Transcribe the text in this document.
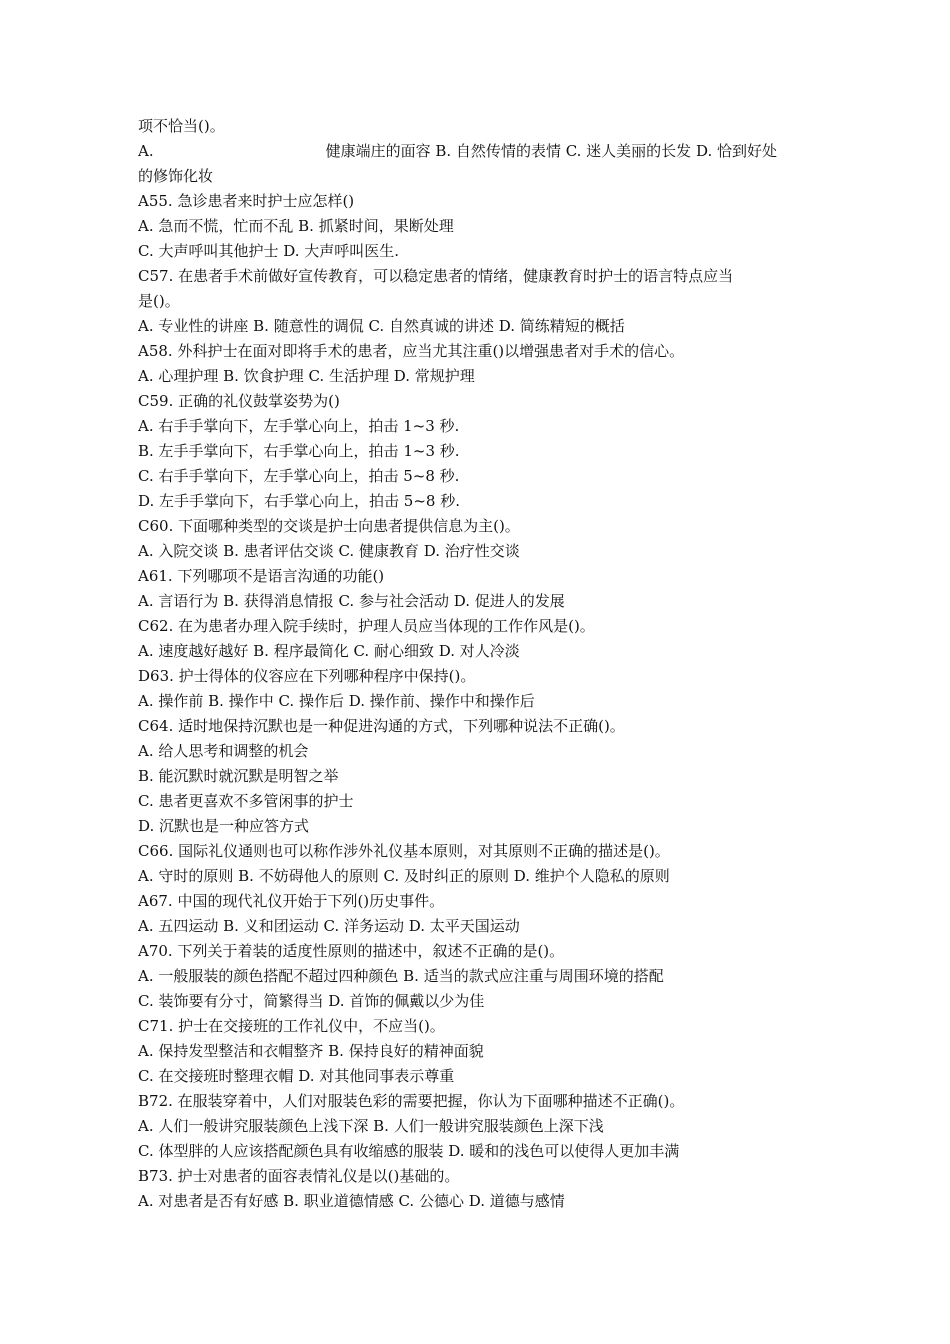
项不恰当()。
A.	健康端庄的面容 B. 自然传情的表情 C. 迷人美丽的长发 D. 恰到好处
的修饰化妆
A55. 急诊患者来时护士应怎样()
A. 急而不慌，忙而不乱 B. 抓紧时间，果断处理
C. 大声呼叫其他护士 D. 大声呼叫医生.
C57. 在患者手术前做好宣传教育，可以稳定患者的情绪，健康教育时护士的语言特点应当
是()。
A. 专业性的讲座 B. 随意性的调侃 C. 自然真诚的讲述 D. 简练精短的概括
A58. 外科护士在面对即将手术的患者，应当尤其注重()以增强患者对手术的信心。
A. 心理护理 B. 饮食护理 C. 生活护理 D. 常规护理
C59. 正确的礼仪鼓掌姿势为()
A. 右手手掌向下，左手掌心向上，拍击 1~3 秒.
B. 左手手掌向下，右手掌心向上，拍击 1~3 秒.
C. 右手手掌向下，左手掌心向上，拍击 5~8 秒.
D. 左手手掌向下，右手掌心向上，拍击 5~8 秒.
C60. 下面哪种类型的交谈是护士向患者提供信息为主()。
A. 入院交谈 B. 患者评估交谈 C. 健康教育 D. 治疗性交谈
A61. 下列哪项不是语言沟通的功能()
A. 言语行为 B. 获得消息情报 C. 参与社会活动 D. 促进人的发展
C62. 在为患者办理入院手续时，护理人员应当体现的工作作风是()。
A. 速度越好越好 B. 程序最简化 C. 耐心细致 D. 对人冷淡
D63. 护士得体的仪容应在下列哪种程序中保持()。
A. 操作前 B. 操作中 C. 操作后 D. 操作前、操作中和操作后
C64. 适时地保持沉默也是一种促进沟通的方式，下列哪种说法不正确()。
A. 给人思考和调整的机会
B. 能沉默时就沉默是明智之举
C. 患者更喜欢不多管闲事的护士
D. 沉默也是一种应答方式
C66. 国际礼仪通则也可以称作涉外礼仪基本原则，对其原则不正确的描述是()。
A. 守时的原则 B. 不妨碍他人的原则 C. 及时纠正的原则 D. 维护个人隐私的原则
A67. 中国的现代礼仪开始于下列()历史事件。
A. 五四运动 B. 义和团运动 C. 洋务运动 D. 太平天国运动
A70. 下列关于着装的适度性原则的描述中，叙述不正确的是()。
A. 一般服装的颜色搭配不超过四种颜色 B. 适当的款式应注重与周围环境的搭配
C. 装饰要有分寸，简繁得当 D. 首饰的佩戴以少为佳
C71. 护士在交接班的工作礼仪中，不应当()。
A. 保持发型整洁和衣帽整齐 B. 保持良好的精神面貌
C. 在交接班时整理衣帽 D. 对其他同事表示尊重
B72. 在服装穿着中，人们对服装色彩的需要把握，你认为下面哪种描述不正确()。
A. 人们一般讲究服装颜色上浅下深 B. 人们一般讲究服装颜色上深下浅
C. 体型胖的人应该搭配颜色具有收缩感的服装 D. 暖和的浅色可以使得人更加丰满
B73. 护士对患者的面容表情礼仪是以()基础的。
A. 对患者是否有好感 B. 职业道德情感 C. 公德心 D. 道德与感情
